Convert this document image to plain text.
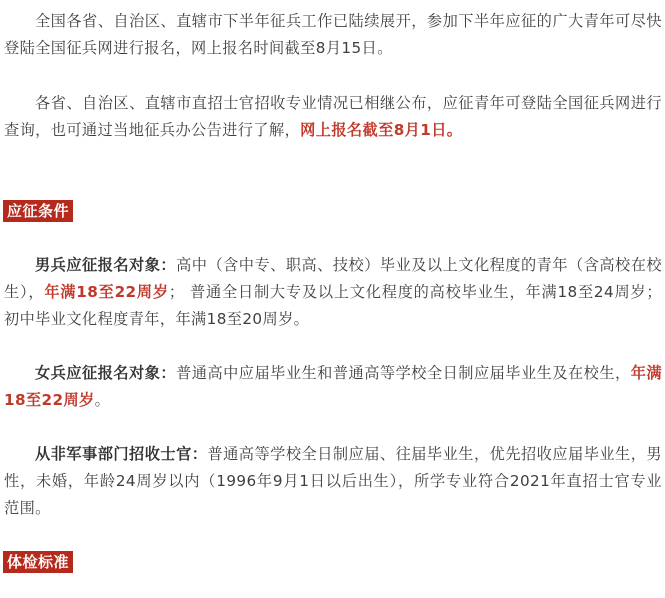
全国各省、自治区、直辖市下半年征兵工作已陆续展开，参加下半年应征的广大青年可尽快登陆全国征兵网进行报名，网上报名时间截至8月15日。

各省、自治区、直辖市直招士官招收专业情况已相继公布，应征青年可登陆全国征兵网进行查询，也可通过当地征兵办公告进行了解，网上报名截至8月1日。

应征条件

男兵应征报名对象：高中（含中专、职高、技校）毕业及以上文化程度的青年（含高校在校生），年满18至22周岁； 普通全日制大专及以上文化程度的高校毕业生，年满18至24周岁； 初中毕业文化程度青年，年满18至20周岁。

女兵应征报名对象：普通高中应届毕业生和普通高等学校全日制应届毕业生及在校生，年满18至22周岁。

从非军事部门招收士官：普通高等学校全日制应届、往届毕业生，优先招收应届毕业生，男性，未婚，年龄24周岁以内（1996年9月1日以后出生），所学专业符合2021年直招士官专业范围。

体检标准
